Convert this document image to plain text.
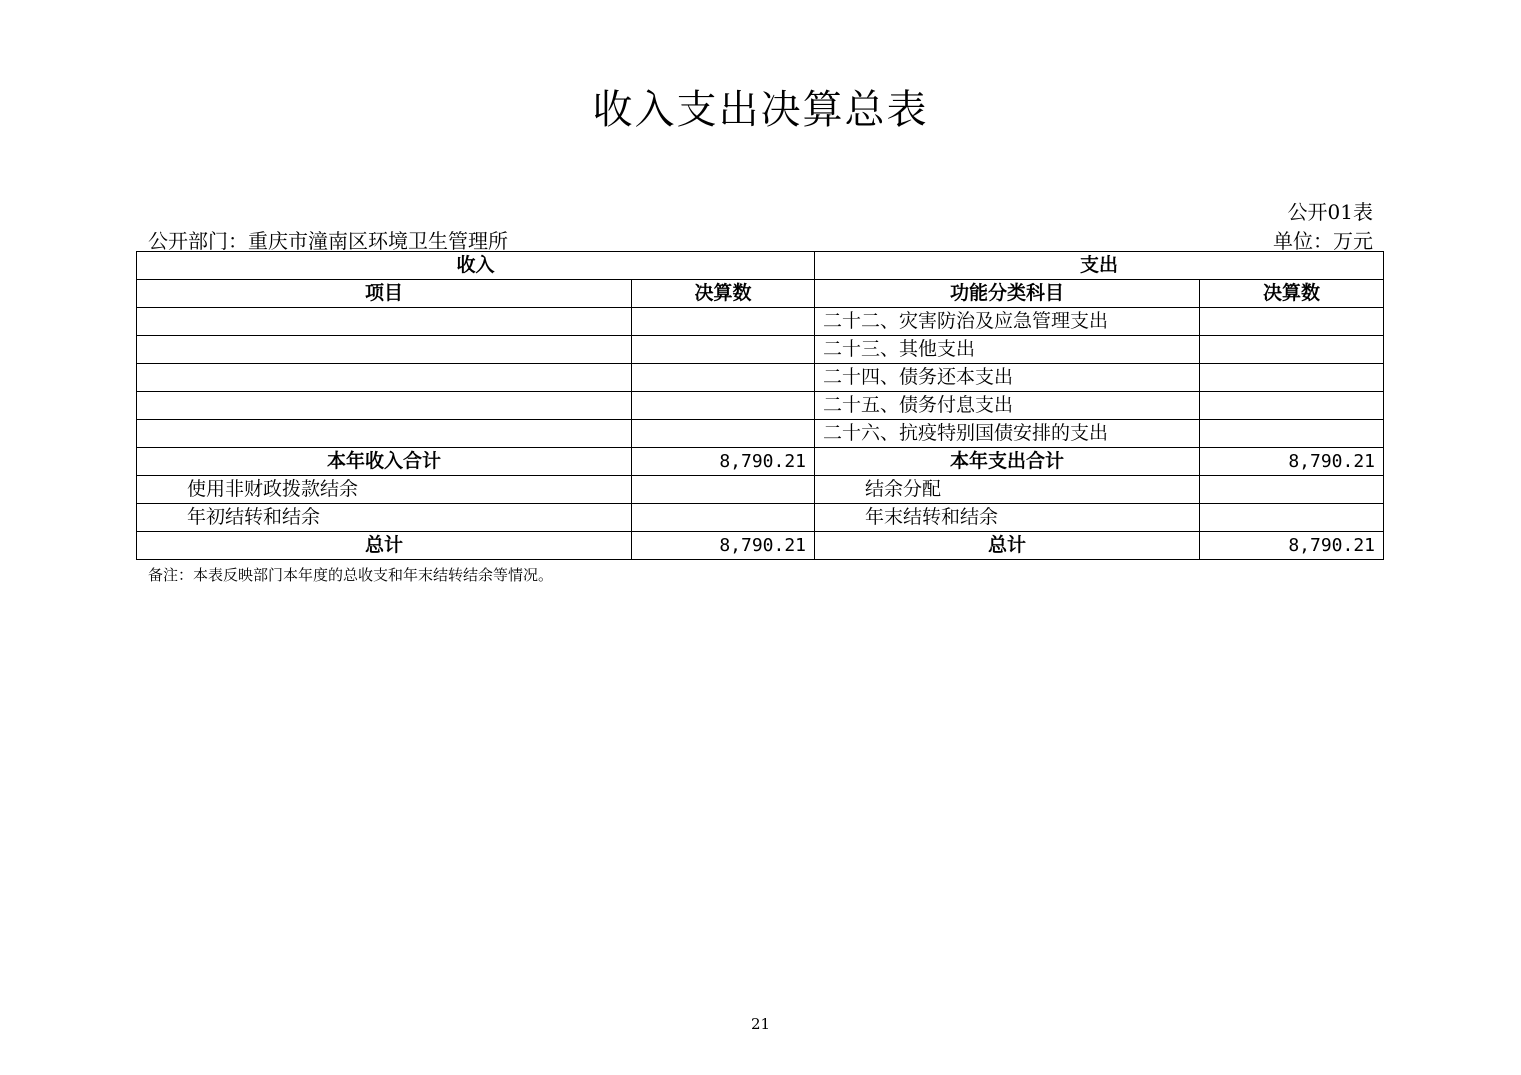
收入支出决算总表
公开01表
公开部门：重庆市潼南区环境卫生管理所	单位：万元
收入		支出	
项目	决算数	功能分类科目	决算数
		二十二、灾害防治及应急管理支出	
		二十三、其他支出	
		二十四、债务还本支出	
		二十五、债务付息支出	
		二十六、抗疫特别国债安排的支出	
本年收入合计	8,790.21	本年支出合计	8,790.21
使用非财政拨款结余		结余分配	
年初结转和结余		年末结转和结余	
总计	8,790.21	总计	8,790.21
备注：本表反映部门本年度的总收支和年末结转结余等情况。
21
